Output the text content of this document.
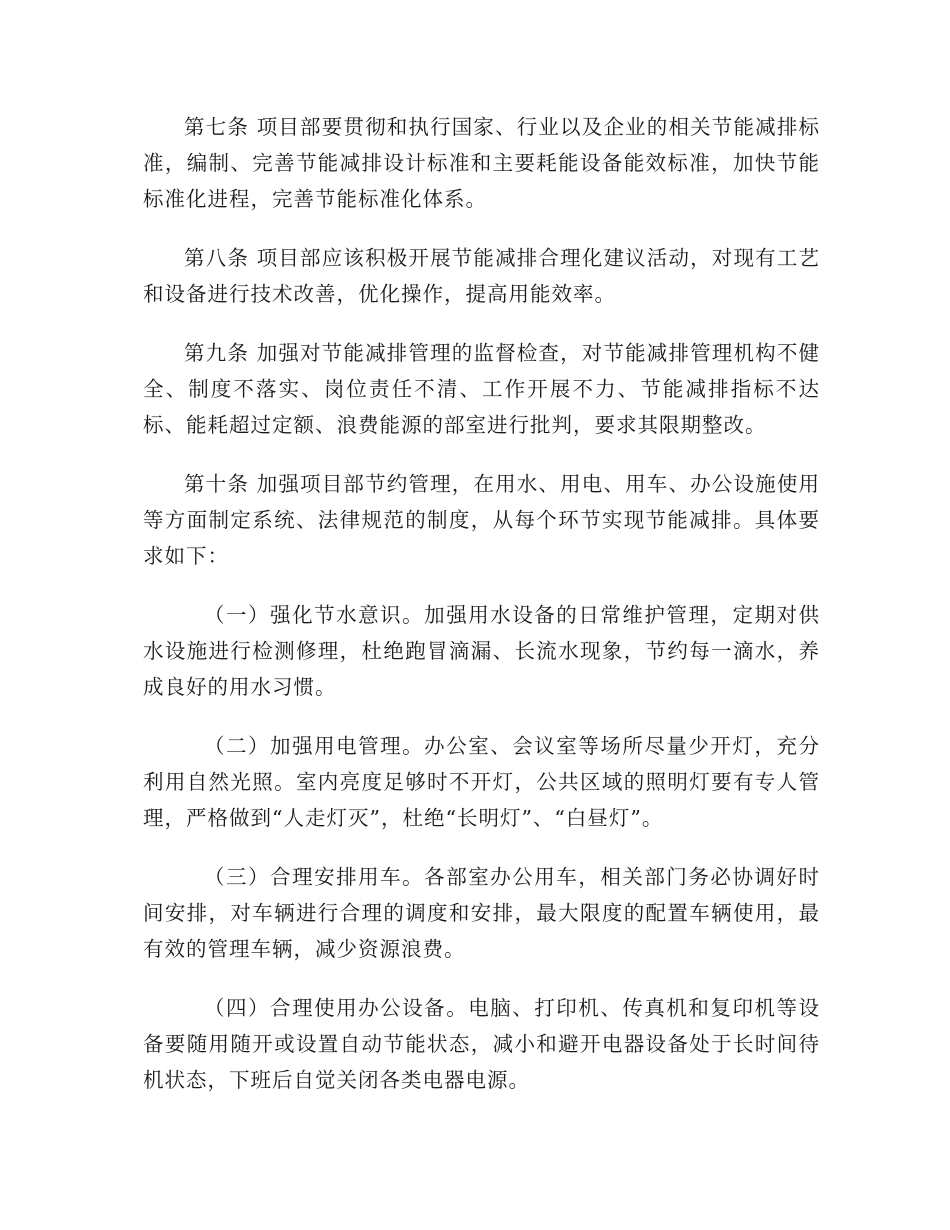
第七条 项目部要贯彻和执行国家、行业以及企业的相关节能减排标准，编制、完善节能减排设计标准和主要耗能设备能效标准，加快节能标准化进程，完善节能标准化体系。

第八条 项目部应该积极开展节能减排合理化建议活动，对现有工艺和设备进行技术改善，优化操作，提高用能效率。

第九条 加强对节能减排管理的监督检查，对节能减排管理机构不健全、制度不落实、岗位责任不清、工作开展不力、节能减排指标不达标、能耗超过定额、浪费能源的部室进行批判，要求其限期整改。

第十条 加强项目部节约管理，在用水、用电、用车、办公设施使用等方面制定系统、法律规范的制度，从每个环节实现节能减排。具体要求如下：

（一）强化节水意识。加强用水设备的日常维护管理，定期对供水设施进行检测修理，杜绝跑冒滴漏、长流水现象，节约每一滴水，养成良好的用水习惯。

（二）加强用电管理。办公室、会议室等场所尽量少开灯，充分利用自然光照。室内亮度足够时不开灯，公共区域的照明灯要有专人管理，严格做到“人走灯灭”，杜绝“长明灯”、“白昼灯”。

（三）合理安排用车。各部室办公用车，相关部门务必协调好时间安排，对车辆进行合理的调度和安排，最大限度的配置车辆使用，最有效的管理车辆，减少资源浪费。

（四）合理使用办公设备。电脑、打印机、传真机和复印机等设备要随用随开或设置自动节能状态，减小和避开电器设备处于长时间待机状态，下班后自觉关闭各类电器电源。
